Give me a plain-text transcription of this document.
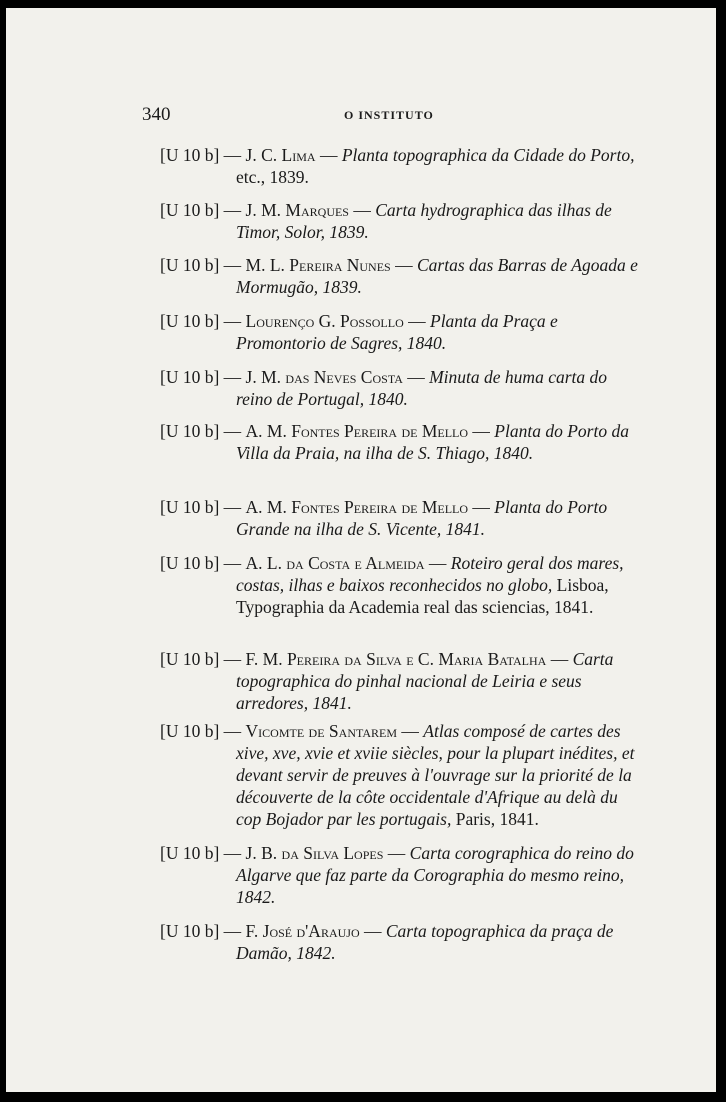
340	O INSTITUTO
[U 10 b] — J. C. Lima — Planta topographica da Cidade do Porto, etc., 1839.
[U 10 b] — J. M. Marques — Carta hydrographica das ilhas de Timor, Solor, 1839.
[U 10 b] — M. L. Pereira Nunes — Cartas das Barras de Agoada e Mormugão, 1839.
[U 10 b] — Lourenço G. Possollo — Planta da Praça e Promontorio de Sagres, 1840.
[U 10 b] — J. M. das Neves Costa — Minuta de huma carta do reino de Portugal, 1840.
[U 10 b] — A. M. Fontes Pereira de Mello — Planta do Porto da Villa da Praia, na ilha de S. Thiago, 1840.
[U 10 b] — A. M. Fontes Pereira de Mello — Planta do Porto Grande na ilha de S. Vicente, 1841.
[U 10 b] — A. L. da Costa e Almeida — Roteiro geral dos mares, costas, ilhas e baixos reconhecidos no globo, Lisboa, Typographia da Academia real das sciencias, 1841.
[U 10 b] — F. M. Pereira da Silva e C. Maria Batalha — Carta topographica do pinhal nacional de Leiria e seus arredores, 1841.
[U 10 b] — Vicomte de Santarem — Atlas composé de cartes des xive, xve, xvie et xviie siècles, pour la plupart inédites, et devant servir de preuves à l'ouvrage sur la priorité de la découverte de la côte occidentale d'Afrique au delà du cop Bojador par les portugais, Paris, 1841.
[U 10 b] — J. B. da Silva Lopes — Carta corographica do reino do Algarve que faz parte da Corographia do mesmo reino, 1842.
[U 10 b] — F. José d'Araujo — Carta topographica da praça de Damão, 1842.
